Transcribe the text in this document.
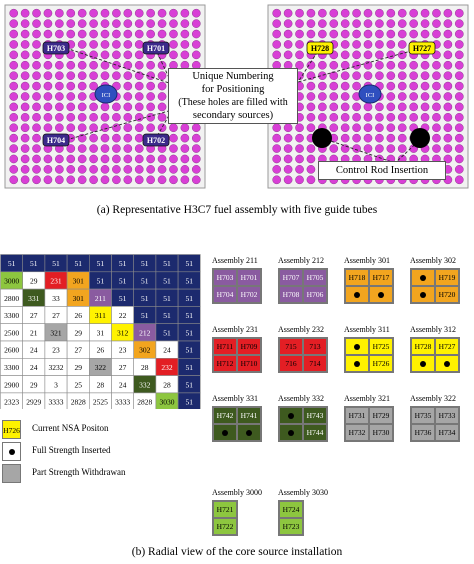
H703	H701
ICI
H704	H702
H728	H727
ICI
Unique Numbering
for Positioning
(These holes are filled with
secondary sources)
Control Rod Insertion
(a) Representative H3C7 fuel assembly with five guide tubes
51 51 51 51 51 51 51 51 51
3000 29 231 301 51 51 51 51 51
2800 331 33 301 211 51 51 51 51
3300 27 27 26 311 22 51 51 51
2500 21 321 29 31 312 212 51 51
2600 24 23 27 26 23 302 24 51
3300 24 3232 29 322 27 28 232 51
2900 29 3 25 28 24 332 28 51
2323 2929 3333 2828 2525 3333 2828 3030 51
H726 Current NSA Positon
Full Strength Inserted
Part Strength Withdrawan
Assembly 211
H703 H701
H704 H702
Assembly 212
H707 H705
H708 H706
Assembly 301
H718 H717
Assembly 302
H719
H720
Assembly 231
H711 H709
H712 H710
Assembly 232
715	713
716	714
Assembly 311
H725
H726
Assembly 312
H728 H727
Assembly 331
H742 H741
Assembly 332
H743
H744
Assembly 321
H731 H729
H732 H730
Assembly 322
H735 H733
H736 H734
Assembly 3000
H721
H722
Assembly 3030
H724
H723
(b) Radial view of the core source installation
